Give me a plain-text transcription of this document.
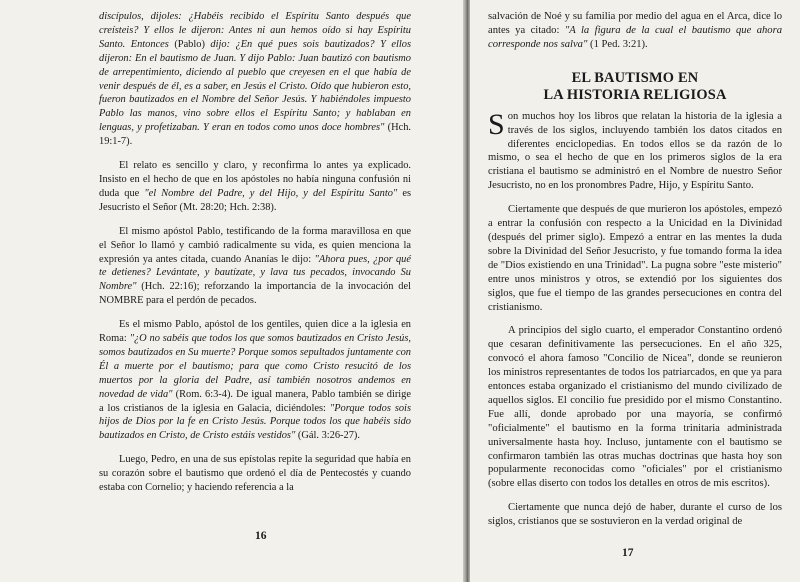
discípulos, dijoles: ¿Habéis recibido el Espíritu Santo después que creísteis? Y ellos le dijeron: Antes ni aun hemos oído si hay Espíritu Santo. Entonces (Pablo) dijo: ¿En qué pues sois bautizados? Y ellos dijeron: En el bautismo de Juan. Y dijo Pablo: Juan bautizó con bautismo de arrepentimiento, diciendo al pueblo que creyesen en el que había de venir después de él, es a saber, en Jesús el Cristo. Oído que hubieron esto, fueron bautizados en el Nombre del Señor Jesús. Y habiéndoles impuesto Pablo las manos, vino sobre ellos el Espíritu Santo; y hablaban en lenguas, y profetizaban. Y eran en todos como unos doce hombres" (Hch. 19:1-7).

El relato es sencillo y claro, y reconfirma lo antes ya explicado. Insisto en el hecho de que en los apóstoles no había ninguna confusión ni duda que "el Nombre del Padre, y del Hijo, y del Espíritu Santo" es Jesucristo el Señor (Mt. 28:20; Hch. 2:38).

El mismo apóstol Pablo, testificando de la forma maravillosa en que el Señor lo llamó y cambió radicalmente su vida, es quien menciona la expresión ya antes citada, cuando Ananías le dijo: "Ahora pues, ¿por qué te detienes? Levántate, y bautízate, y lava tus pecados, invocando Su Nombre" (Hch. 22:16); reforzando la importancia de la invocación del NOMBRE para el perdón de pecados.

Es el mismo Pablo, apóstol de los gentiles, quien dice a la iglesia en Roma: "¿O no sabéis que todos los que somos bautizados en Cristo Jesús, somos bautizados en Su muerte? Porque somos sepultados juntamente con Él a muerte por el bautismo; para que como Cristo resucitó de los muertos por la gloria del Padre, así también nosotros andemos en novedad de vida" (Rom. 6:3-4). De igual manera, Pablo también se dirige a los cristianos de la iglesia en Galacia, diciéndoles: "Porque todos sois hijos de Dios por la fe en Cristo Jesús. Porque todos los que habéis sido bautizados en Cristo, de Cristo estáis vestidos" (Gál. 3:26-27).

Luego, Pedro, en una de sus epístolas repite la seguridad que había en su corazón sobre el bautismo que ordenó el día de Pentecostés y cuando estaba con Cornelio; y haciendo referencia a la

16

salvación de Noé y su familia por medio del agua en el Arca, dice lo antes ya citado: "A la figura de la cual el bautismo que ahora corresponde nos salva" (1 Ped. 3:21).

EL BAUTISMO EN
LA HISTORIA RELIGIOSA

Son muchos hoy los libros que relatan la historia de la iglesia a través de los siglos, incluyendo también los datos citados en diferentes enciclopedias. En todos ellos se da razón de lo mismo, o sea el hecho de que en los primeros siglos de la era cristiana el bautismo se administró en el Nombre de nuestro Señor Jesucristo, no en los pronombres Padre, Hijo, y Espíritu Santo.

Ciertamente que después de que murieron los apóstoles, empezó a entrar la confusión con respecto a la Unicidad en la Divinidad (después del primer siglo). Empezó a entrar en las mentes la duda sobre la Divinidad del Señor Jesucristo, y fue tomando forma la idea de "Dios existiendo en una Trinidad". La pugna sobre "este misterio" entre unos ministros y otros, se extendió por los siguientes dos siglos, que fue el tiempo de las grandes persecuciones en contra del cristianismo.

A principios del siglo cuarto, el emperador Constantino ordenó que cesaran definitivamente las persecuciones. En el año 325, convocó el ahora famoso "Concilio de Nicea", donde se reunieron los ministros representantes de todos los patriarcados, en que ya para entonces estaba organizado el cristianismo del mundo civilizado de aquellos siglos. El concilio fue presidido por el mismo Constantino. Fue allí, donde aprobado por una mayoría, se confirmó "oficialmente" el bautismo en la forma trinitaria administrada universalmente hasta hoy. Incluso, juntamente con el bautismo se confirmaron también las otras muchas doctrinas que hasta hoy son popularmente reconocidas como "oficiales" por el cristianismo (sobre ellas diserto con todos los detalles en otros de mis escritos).

Ciertamente que nunca dejó de haber, durante el curso de los siglos, cristianos que se sostuvieron en la verdad original de

17
